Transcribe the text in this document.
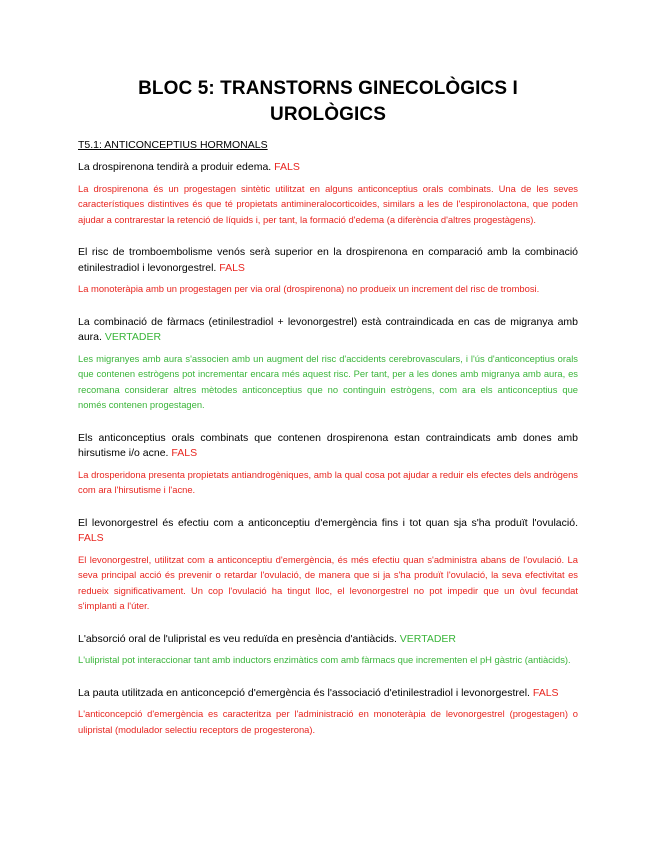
BLOC 5: TRANSTORNS GINECOLÒGICS I UROLÒGICS
T5.1: ANTICONCEPTIUS HORMONALS

La drospirenona tendirà a produir edema. FALS

La drospirenona és un progestagen sintètic utilitzat en alguns anticonceptius orals combinats. Una de les seves característiques distintives és que té propietats antimineralocorticoides, similars a les de l'espironolactona, que poden ajudar a contrarestar la retenció de líquids i, per tant, la formació d'edema (a diferència d'altres progestàgens).

El risc de tromboembolisme venós serà superior en la drospirenona en comparació amb la combinació etinilestradiol i levonorgestrel. FALS

La monoteràpia amb un progestagen per via oral (drospirenona) no produeix un increment del risc de trombosi.

La combinació de fàrmacs (etinilestradiol + levonorgestrel) està contraindicada en cas de migranya amb aura. VERTADER

Les migranyes amb aura s'associen amb un augment del risc d'accidents cerebrovasculars, i l'ús d'anticonceptius orals que contenen estrògens pot incrementar encara més aquest risc. Per tant, per a les dones amb migranya amb aura, es recomana considerar altres mètodes anticonceptius que no continguin estrògens, com ara els anticonceptius que només contenen progestagen.

Els anticonceptius orals combinats que contenen drospirenona estan contraindicats amb dones amb hirsutisme i/o acne. FALS

La drosperidona presenta propietats antiandrogèniques, amb la qual cosa pot ajudar a reduir els efectes dels andrògens com ara l'hirsutisme i l'acne.

El levonorgestrel és efectiu com a anticonceptiu d'emergència fins i tot quan sja s'ha produït l'ovulació. FALS

El levonorgestrel, utilitzat com a anticonceptiu d'emergència, és més efectiu quan s'administra abans de l'ovulació. La seva principal acció és prevenir o retardar l'ovulació, de manera que si ja s'ha produït l'ovulació, la seva efectivitat es redueix significativament. Un cop l'ovulació ha tingut lloc, el levonorgestrel no pot impedir que un òvul fecundat s'implanti a l'úter.

L'absorció oral de l'ulipristal es veu reduïda en presència d'antiàcids. VERTADER

L'ulipristal pot interaccionar tant amb inductors enzimàtics com amb fàrmacs que incrementen el pH gàstric (antiàcids).

La pauta utilitzada en anticoncepció d'emergència és l'associació d'etinilestradiol i levonorgestrel. FALS

L'anticoncepció d'emergència es caracteritza per l'administració en monoteràpia de levonorgestrel (progestagen) o ulipristal (modulador selectiu receptors de progesterona).
